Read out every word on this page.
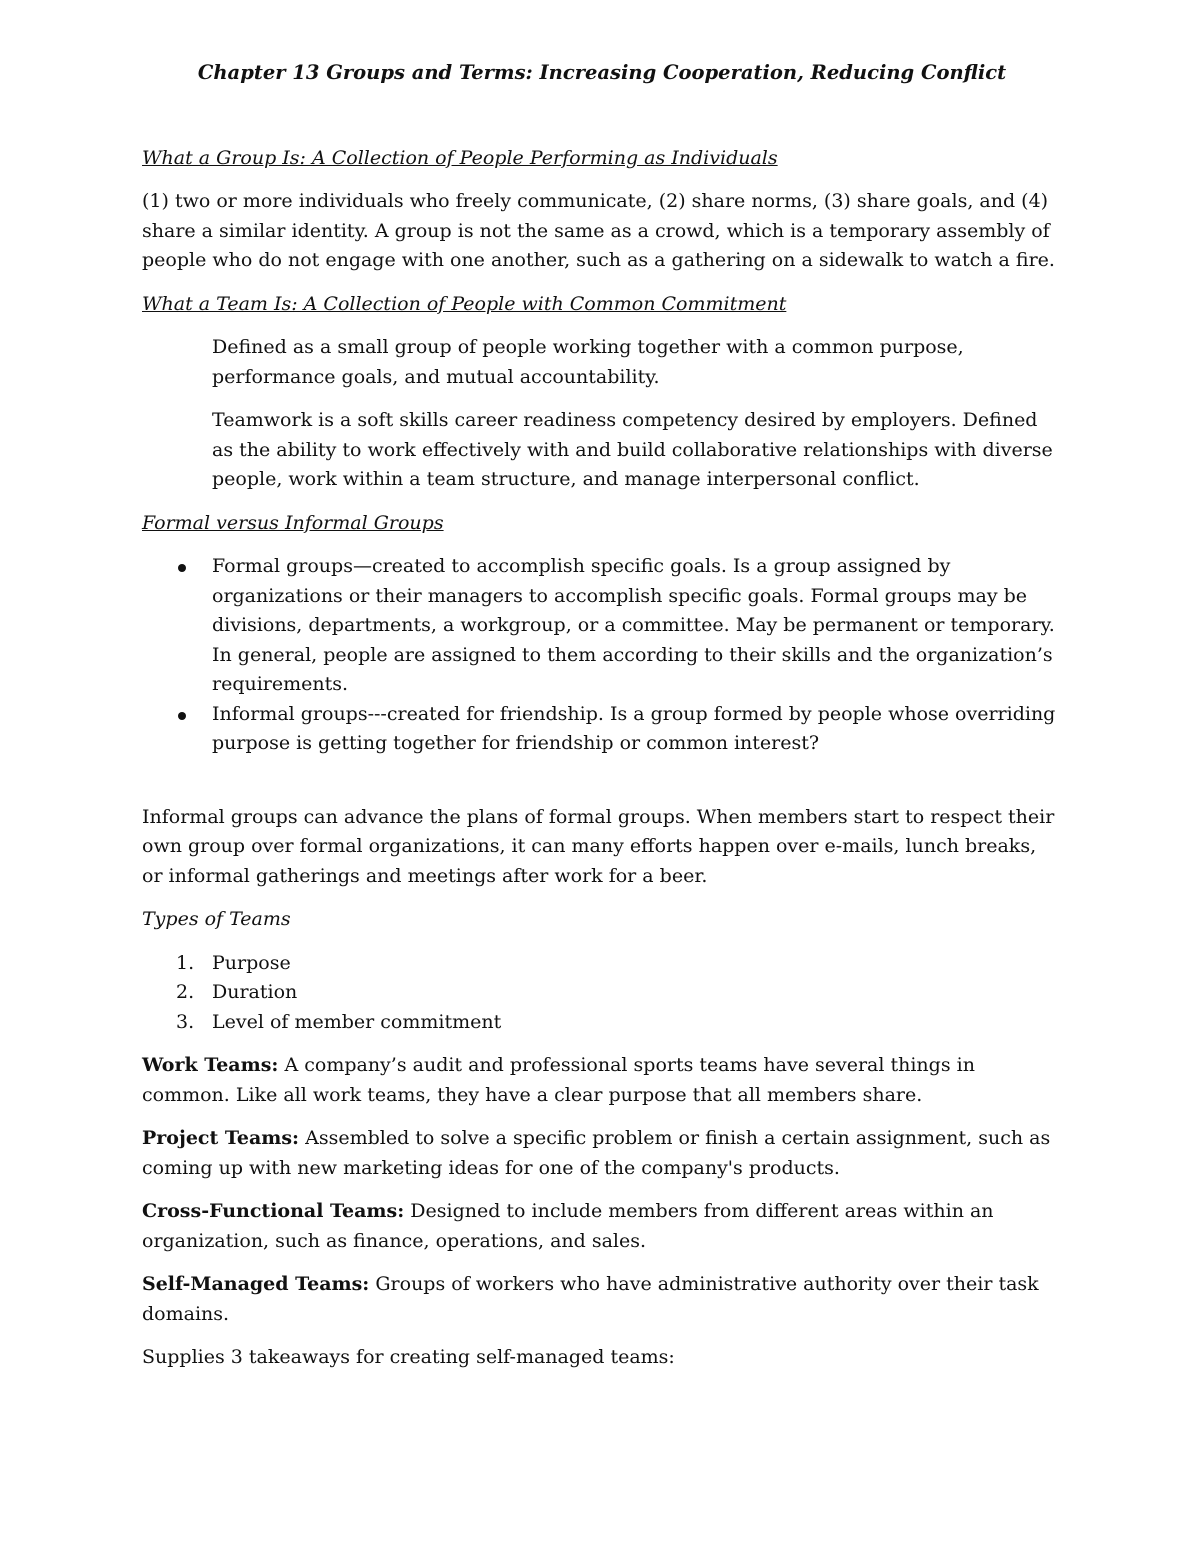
Chapter 13 Groups and Terms: Increasing Cooperation, Reducing Conflict
What a Group Is: A Collection of People Performing as Individuals

(1) two or more individuals who freely communicate, (2) share norms, (3) share goals, and (4) share a similar identity. A group is not the same as a crowd, which is a temporary assembly of people who do not engage with one another, such as a gathering on a sidewalk to watch a fire.

What a Team Is: A Collection of People with Common Commitment

Defined as a small group of people working together with a common purpose, performance goals, and mutual accountability.

Teamwork is a soft skills career readiness competency desired by employers. Defined as the ability to work effectively with and build collaborative relationships with diverse people, work within a team structure, and manage interpersonal conflict.

Formal versus Informal Groups
Formal groups—created to accomplish specific goals. Is a group assigned by organizations or their managers to accomplish specific goals. Formal groups may be divisions, departments, a workgroup, or a committee. May be permanent or temporary. In general, people are assigned to them according to their skills and the organization’s requirements.
Informal groups---created for friendship. Is a group formed by people whose overriding purpose is getting together for friendship or common interest?

Informal groups can advance the plans of formal groups. When members start to respect their own group over formal organizations, it can many efforts happen over e-mails, lunch breaks, or informal gatherings and meetings after work for a beer.

Types of Teams
1. Purpose
2. Duration
3. Level of member commitment

Work Teams: A company’s audit and professional sports teams have several things in common. Like all work teams, they have a clear purpose that all members share.

Project Teams: Assembled to solve a specific problem or finish a certain assignment, such as coming up with new marketing ideas for one of the company's products.

Cross-Functional Teams: Designed to include members from different areas within an organization, such as finance, operations, and sales.

Self-Managed Teams: Groups of workers who have administrative authority over their task domains.

Supplies 3 takeaways for creating self-managed teams:
